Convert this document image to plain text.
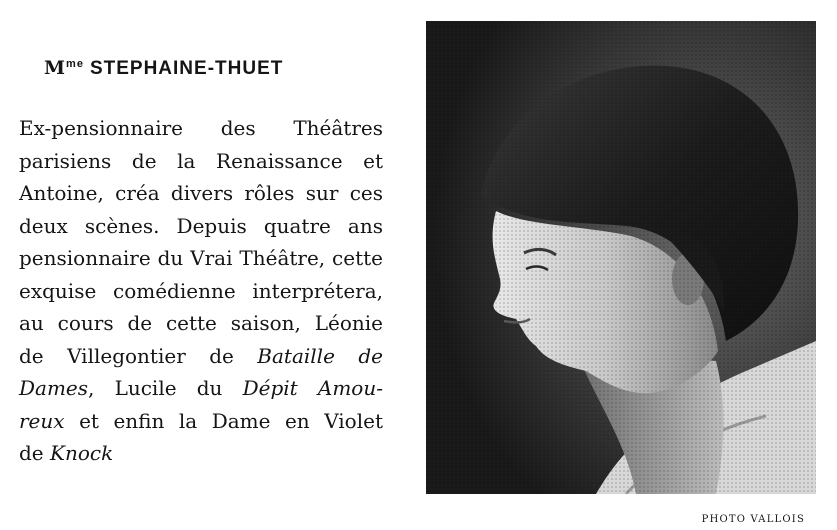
$M^{me}$ STEPHAINE-THUET
Ex-pensionnaire des Théâtres
parisiens de la Renaissance et
Antoine, créa divers rôles sur ces
deux scènes. Depuis quatre ans
pensionnaire du Vrai Théâtre, cette
exquise comédienne interprétera,
au cours de cette saison, Léonie
de Villegontier de Bataille de
Dames, Lucile du Dépit Amou-
reux et enfin la Dame en Violet
de Knock
PHOTO VALLOIS
